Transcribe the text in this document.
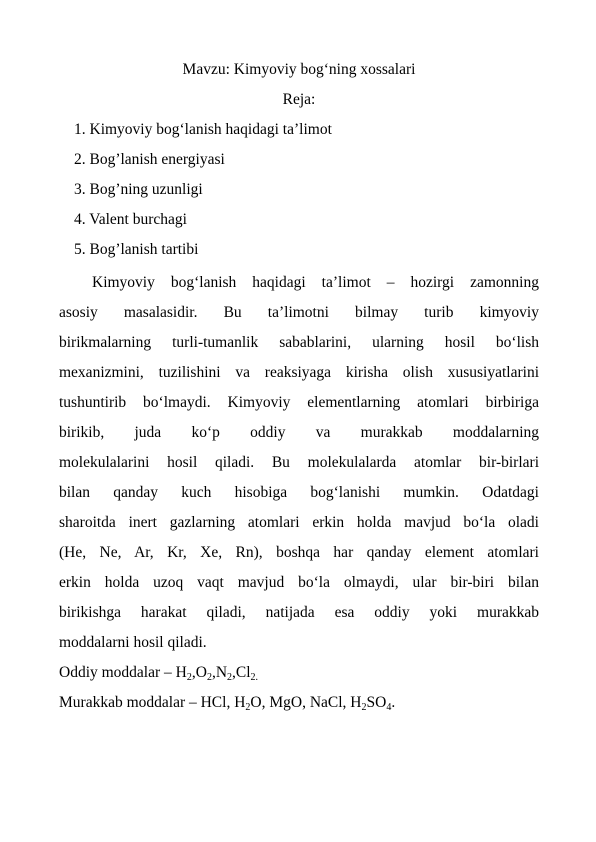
Mavzu: Kimyoviy bog‘ning xossalari
Reja:
1. Kimyoviy bog‘lanish haqidagi ta’limot
2. Bog’lanish energiyasi
3. Bog’ning uzunligi
4. Valent burchagi
5. Bog’lanish tartibi
Kimyoviy bog‘lanish haqidagi ta’limot – hozirgi zamonning
asosiy masalasidir. Bu ta’limotni bilmay turib kimyoviy
birikmalarning turli-tumanlik sabablarini, ularning hosil bo‘lish
mexanizmini, tuzilishini va reaksiyaga kirisha olish xususiyatlarini
tushuntirib bo‘lmaydi. Kimyoviy elementlarning atomlari birbiriga
birikib, juda ko‘p oddiy va murakkab moddalarning
molekulalarini hosil qiladi. Bu molekulalarda atomlar bir-birlari
bilan qanday kuch hisobiga bog‘lanishi mumkin. Odatdagi
sharoitda inert gazlarning atomlari erkin holda mavjud bo‘la oladi
(He, Ne, Ar, Kr, Xe, Rn), boshqa har qanday element atomlari
erkin holda uzoq vaqt mavjud bo‘la olmaydi, ular bir-biri bilan
birikishga harakat qiladi, natijada esa oddiy yoki murakkab
moddalarni hosil qiladi.
Oddiy moddalar – $H_2,O_2,N_2,Cl_{2.}$
Murakkab moddalar – HCl, $H_2O$, MgO, NaCl, $H_2SO_4$.
